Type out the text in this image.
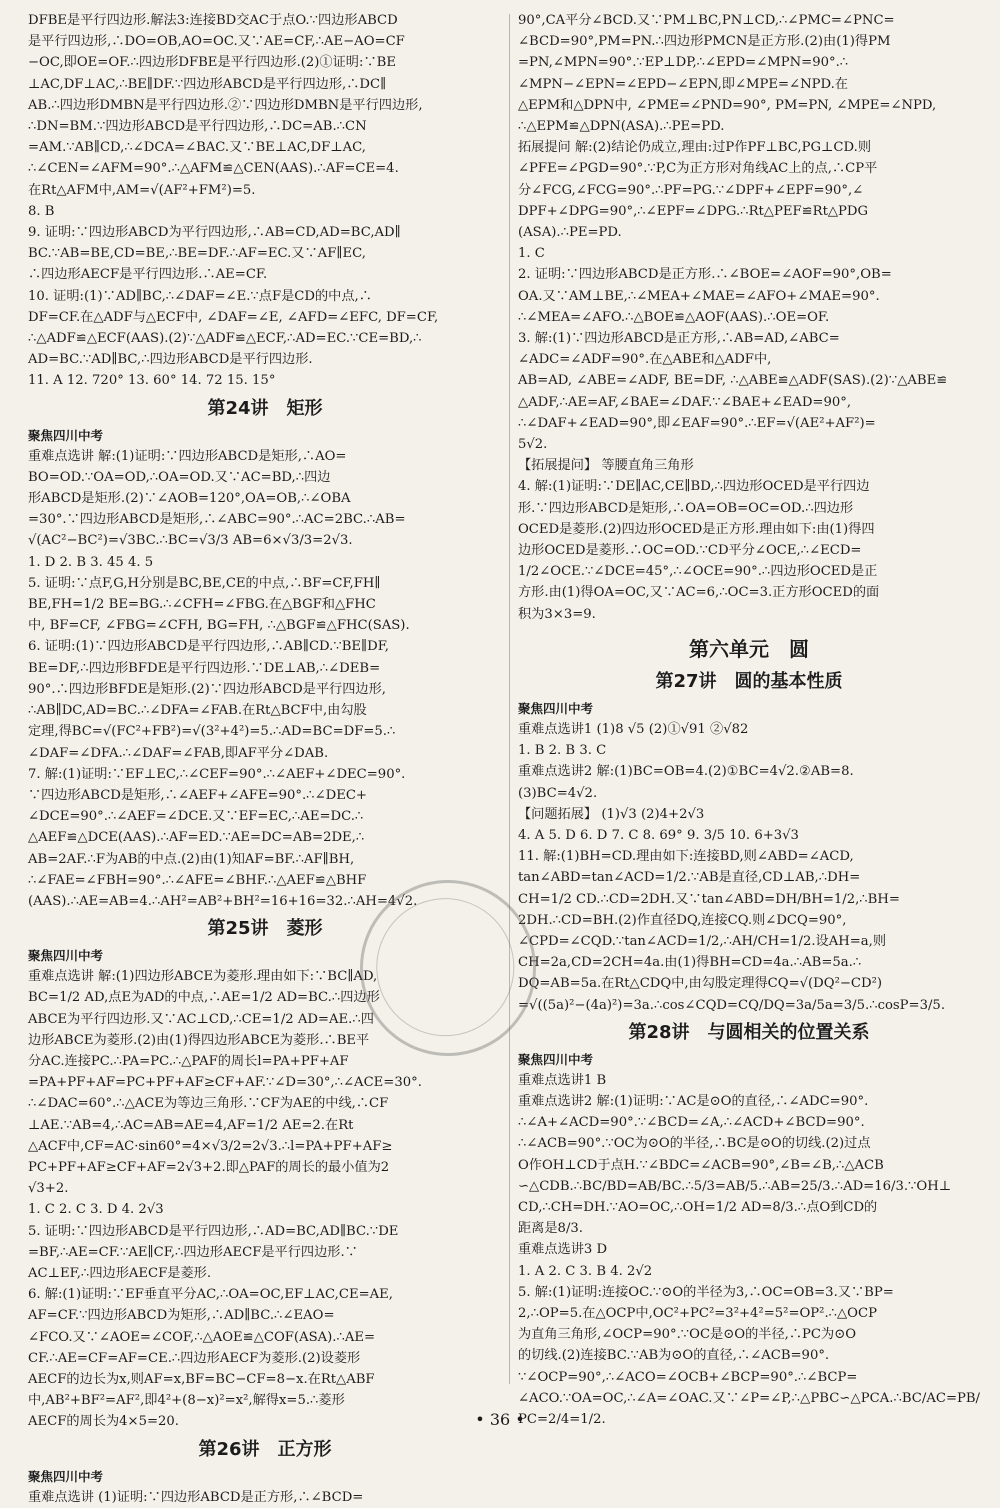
DFBE是平行四边形.解法3:连接BD交AC于点O.∵四边形ABCD
是平行四边形,∴DO=OB,AO=OC.又∵AE=CF,∴AE−AO=CF
−OC,即OE=OF.∴四边形DFBE是平行四边形.(2)①证明:∵BE
⊥AC,DF⊥AC,∴BE∥DF.∵四边形ABCD是平行四边形,∴DC∥
AB.∴四边形DMBN是平行四边形.②∵四边形DMBN是平行四边形,
∴DN=BM.∵四边形ABCD是平行四边形,∴DC=AB.∴CN
=AM.∵AB∥CD,∴∠DCA=∠BAC.又∵BE⊥AC,DF⊥AC,
∴∠CEN=∠AFM=90°.∴△AFM≌△CEN(AAS).∴AF=CE=4.
在Rt△AFM中,AM=√(AF²+FM²)=5.
8. B
9. 证明:∵四边形ABCD为平行四边形,∴AB=CD,AD=BC,AD∥
BC.∵AB=BE,CD=BE,∴BE=DF.∴AF=EC.又∵AF∥EC,
∴四边形AECF是平行四边形.∴AE=CF.
10. 证明:(1)∵AD∥BC,∴∠DAF=∠E.∵点F是CD的中点,∴
DF=CF.在△ADF与△ECF中, ∠DAF=∠E, ∠AFD=∠EFC, DF=CF,
∴△ADF≌△ECF(AAS).(2)∵△ADF≌△ECF,∴AD=EC.∵CE=BD,∴
AD=BC.∵AD∥BC,∴四边形ABCD是平行四边形.
11. A 12. 720° 13. 60° 14. 72 15. 15°
第24讲　矩形
聚焦四川中考
重难点选讲 解:(1)证明:∵四边形ABCD是矩形,∴AO=
BO=OD.∵OA=OD,∴OA=OD.又∵AC=BD,∴四边
形ABCD是矩形.(2)∵∠AOB=120°,OA=OB,∴∠OBA
=30°.∵四边形ABCD是矩形,∴∠ABC=90°.∴AC=2BC.∴AB=
√(AC²−BC²)=√3BC.∴BC=√3/3 AB=6×√3/3=2√3.
1. D 2. B 3. 45 4. 5
5. 证明:∵点F,G,H分别是BC,BE,CE的中点,∴BF=CF,FH∥
BE,FH=1/2 BE=BG.∴∠CFH=∠FBG.在△BGF和△FHC
中, BF=CF, ∠FBG=∠CFH, BG=FH, ∴△BGF≌△FHC(SAS).
6. 证明:(1)∵四边形ABCD是平行四边形,∴AB∥CD.∵BE∥DF,
BE=DF,∴四边形BFDE是平行四边形.∵DE⊥AB,∴∠DEB=
90°.∴四边形BFDE是矩形.(2)∵四边形ABCD是平行四边形,
∴AB∥DC,AD=BC.∴∠DFA=∠FAB.在Rt△BCF中,由勾股
定理,得BC=√(FC²+FB²)=√(3²+4²)=5.∴AD=BC=DF=5.∴
∠DAF=∠DFA.∴∠DAF=∠FAB,即AF平分∠DAB.
7. 解:(1)证明:∵EF⊥EC,∴∠CEF=90°.∴∠AEF+∠DEC=90°.
∵四边形ABCD是矩形,∴∠AEF+∠AFE=90°.∴∠DEC+
∠DCE=90°.∴∠AEF=∠DCE.又∵EF=EC,∴AE=DC.∴
△AEF≌△DCE(AAS).∴AF=ED.∵AE=DC=AB=2DE,∴
AB=2AF.∴F为AB的中点.(2)由(1)知AF=BF.∴AF∥BH,
∴∠FAE=∠FBH=90°.∴∠AFE=∠BHF.∴△AEF≌△BHF
(AAS).∴AE=AB=4.∴AH²=AB²+BH²=16+16=32.∴AH=4√2.
第25讲　菱形
聚焦四川中考
重难点选讲 解:(1)四边形ABCE为菱形.理由如下:∵BC∥AD,
BC=1/2 AD,点E为AD的中点,∴AE=1/2 AD=BC.∴四边形
ABCE为平行四边形.又∵AC⊥CD,∴CE=1/2 AD=AE.∴四
边形ABCE为菱形.(2)由(1)得四边形ABCE为菱形.∴BE平
分AC.连接PC.∴PA=PC.∴△PAF的周长l=PA+PF+AF
=PA+PF+AF=PC+PF+AF≥CF+AF.∵∠D=30°,∴∠ACE=30°.
∴∠DAC=60°.∴△ACE为等边三角形.∵CF为AE的中线,∴CF
⊥AE.∵AB=4,∴AC=AB=AE=4,AF=1/2 AE=2.在Rt
△ACF中,CF=AC·sin60°=4×√3/2=2√3.∴l=PA+PF+AF≥
PC+PF+AF≥CF+AF=2√3+2.即△PAF的周长的最小值为2
√3+2.
1. C 2. C 3. D 4. 2√3
5. 证明:∵四边形ABCD是平行四边形,∴AD=BC,AD∥BC.∵DE
=BF,∴AE=CF.∵AE∥CF,∴四边形AECF是平行四边形.∵
AC⊥EF,∴四边形AECF是菱形.
6. 解:(1)证明:∵EF垂直平分AC,∴OA=OC,EF⊥AC,CE=AE,
AF=CF.∵四边形ABCD为矩形,∴AD∥BC.∴∠EAO=
∠FCO.又∵∠AOE=∠COF,∴△AOE≌△COF(ASA).∴AE=
CF.∴AE=CF=AF=CE.∴四边形AECF为菱形.(2)设菱形
AECF的边长为x,则AF=x,BF=BC−CF=8−x.在Rt△ABF
中,AB²+BF²=AF²,即4²+(8−x)²=x²,解得x=5.∴菱形
AECF的周长为4×5=20.
第26讲　正方形
聚焦四川中考
重难点选讲 (1)证明:∵四边形ABCD是正方形,∴∠BCD=
90°,CA平分∠BCD.又∵PM⊥BC,PN⊥CD,∴∠PMC=∠PNC=
∠BCD=90°,PM=PN.∴四边形PMCN是正方形.(2)由(1)得PM
=PN,∠MPN=90°.∵EP⊥DP,∴∠EPD=∠MPN=90°.∴
∠MPN−∠EPN=∠EPD−∠EPN,即∠MPE=∠NPD.在
△EPM和△DPN中, ∠PME=∠PND=90°, PM=PN, ∠MPE=∠NPD,
∴△EPM≌△DPN(ASA).∴PE=PD.
拓展提问 解:(2)结论仍成立,理由:过P作PF⊥BC,PG⊥CD.则
∠PFE=∠PGD=90°.∵P,C为正方形对角线AC上的点,∴CP平
分∠FCG,∠FCG=90°.∴PF=PG.∵∠DPF+∠EPF=90°,∠
DPF+∠DPG=90°,∴∠EPF=∠DPG.∴Rt△PEF≌Rt△PDG
(ASA).∴PE=PD.
1. C
2. 证明:∵四边形ABCD是正方形.∴∠BOE=∠AOF=90°,OB=
OA.又∵AM⊥BE,∴∠MEA+∠MAE=∠AFO+∠MAE=90°.
∴∠MEA=∠AFO.∴△BOE≌△AOF(AAS).∴OE=OF.
3. 解:(1)∵四边形ABCD是正方形,∴AB=AD,∠ABC=
∠ADC=∠ADF=90°.在△ABE和△ADF中,
AB=AD, ∠ABE=∠ADF, BE=DF, ∴△ABE≌△ADF(SAS).(2)∵△ABE≌
△ADF,∴AE=AF,∠BAE=∠DAF.∵∠BAE+∠EAD=90°,
∴∠DAF+∠EAD=90°,即∠EAF=90°.∴EF=√(AE²+AF²)=
5√2.
【拓展提问】 等腰直角三角形
4. 解:(1)证明:∵DE∥AC,CE∥BD,∴四边形OCED是平行四边
形.∵四边形ABCD是矩形,∴OA=OB=OC=OD.∴四边形
OCED是菱形.(2)四边形OCED是正方形.理由如下:由(1)得四
边形OCED是菱形.∴OC=OD.∵CD平分∠OCE,∴∠ECD=
1/2∠OCE.∵∠DCE=45°,∴∠OCE=90°.∴四边形OCED是正
方形.由(1)得OA=OC,又∵AC=6,∴OC=3.正方形OCED的面
积为3×3=9.
第六单元　圆
第27讲　圆的基本性质
聚焦四川中考
重难点选讲1 (1)8 √5 (2)①√91 ②√82
1. B 2. B 3. C
重难点选讲2 解:(1)BC=OB=4.(2)①BC=4√2.②AB=8.
(3)BC=4√2.
【问题拓展】 (1)√3 (2)4+2√3
4. A 5. D 6. D 7. C 8. 69° 9. 3/5 10. 6+3√3
11. 解:(1)BH=CD.理由如下:连接BD,则∠ABD=∠ACD,
tan∠ABD=tan∠ACD=1/2.∵AB是直径,CD⊥AB,∴DH=
CH=1/2 CD.∴CD=2DH.又∵tan∠ABD=DH/BH=1/2,∴BH=
2DH.∴CD=BH.(2)作直径DQ,连接CQ.则∠DCQ=90°,
∠CPD=∠CQD.∵tan∠ACD=1/2,∴AH/CH=1/2.设AH=a,则
CH=2a,CD=2CH=4a.由(1)得BH=CD=4a.∴AB=5a.∴
DQ=AB=5a.在Rt△CDQ中,由勾股定理得CQ=√(DQ²−CD²)
=√((5a)²−(4a)²)=3a.∴cos∠CQD=CQ/DQ=3a/5a=3/5.∴cosP=3/5.
第28讲　与圆相关的位置关系
聚焦四川中考
重难点选讲1 B
重难点选讲2 解:(1)证明:∵AC是⊙O的直径,∴∠ADC=90°.
∴∠A+∠ACD=90°.∵∠BCD=∠A,∴∠ACD+∠BCD=90°.
∴∠ACB=90°.∵OC为⊙O的半径,∴BC是⊙O的切线.(2)过点
O作OH⊥CD于点H.∵∠BDC=∠ACB=90°,∠B=∠B,∴△ACB
∽△CDB.∴BC/BD=AB/BC.∴5/3=AB/5.∴AB=25/3.∴AD=16/3.∵OH⊥
CD,∴CH=DH.∵AO=OC,∴OH=1/2 AD=8/3.∴点O到CD的
距离是8/3.
重难点选讲3 D
1. A 2. C 3. B 4. 2√2
5. 解:(1)证明:连接OC.∵⊙O的半径为3,∴OC=OB=3.又∵BP=
2,∴OP=5.在△OCP中,OC²+PC²=3²+4²=5²=OP².∴△OCP
为直角三角形,∠OCP=90°.∵OC是⊙O的半径,∴PC为⊙O
的切线.(2)连接BC.∵AB为⊙O的直径,∴∠ACB=90°.
∵∠OCP=90°,∴∠ACO=∠OCB+∠BCP=90°.∴∠BCP=
∠ACO.∵OA=OC,∴∠A=∠OAC.又∵∠P=∠P,∴△PBC∽△PCA.∴BC/AC=PB/PC=2/4=1/2.
• 36 •
